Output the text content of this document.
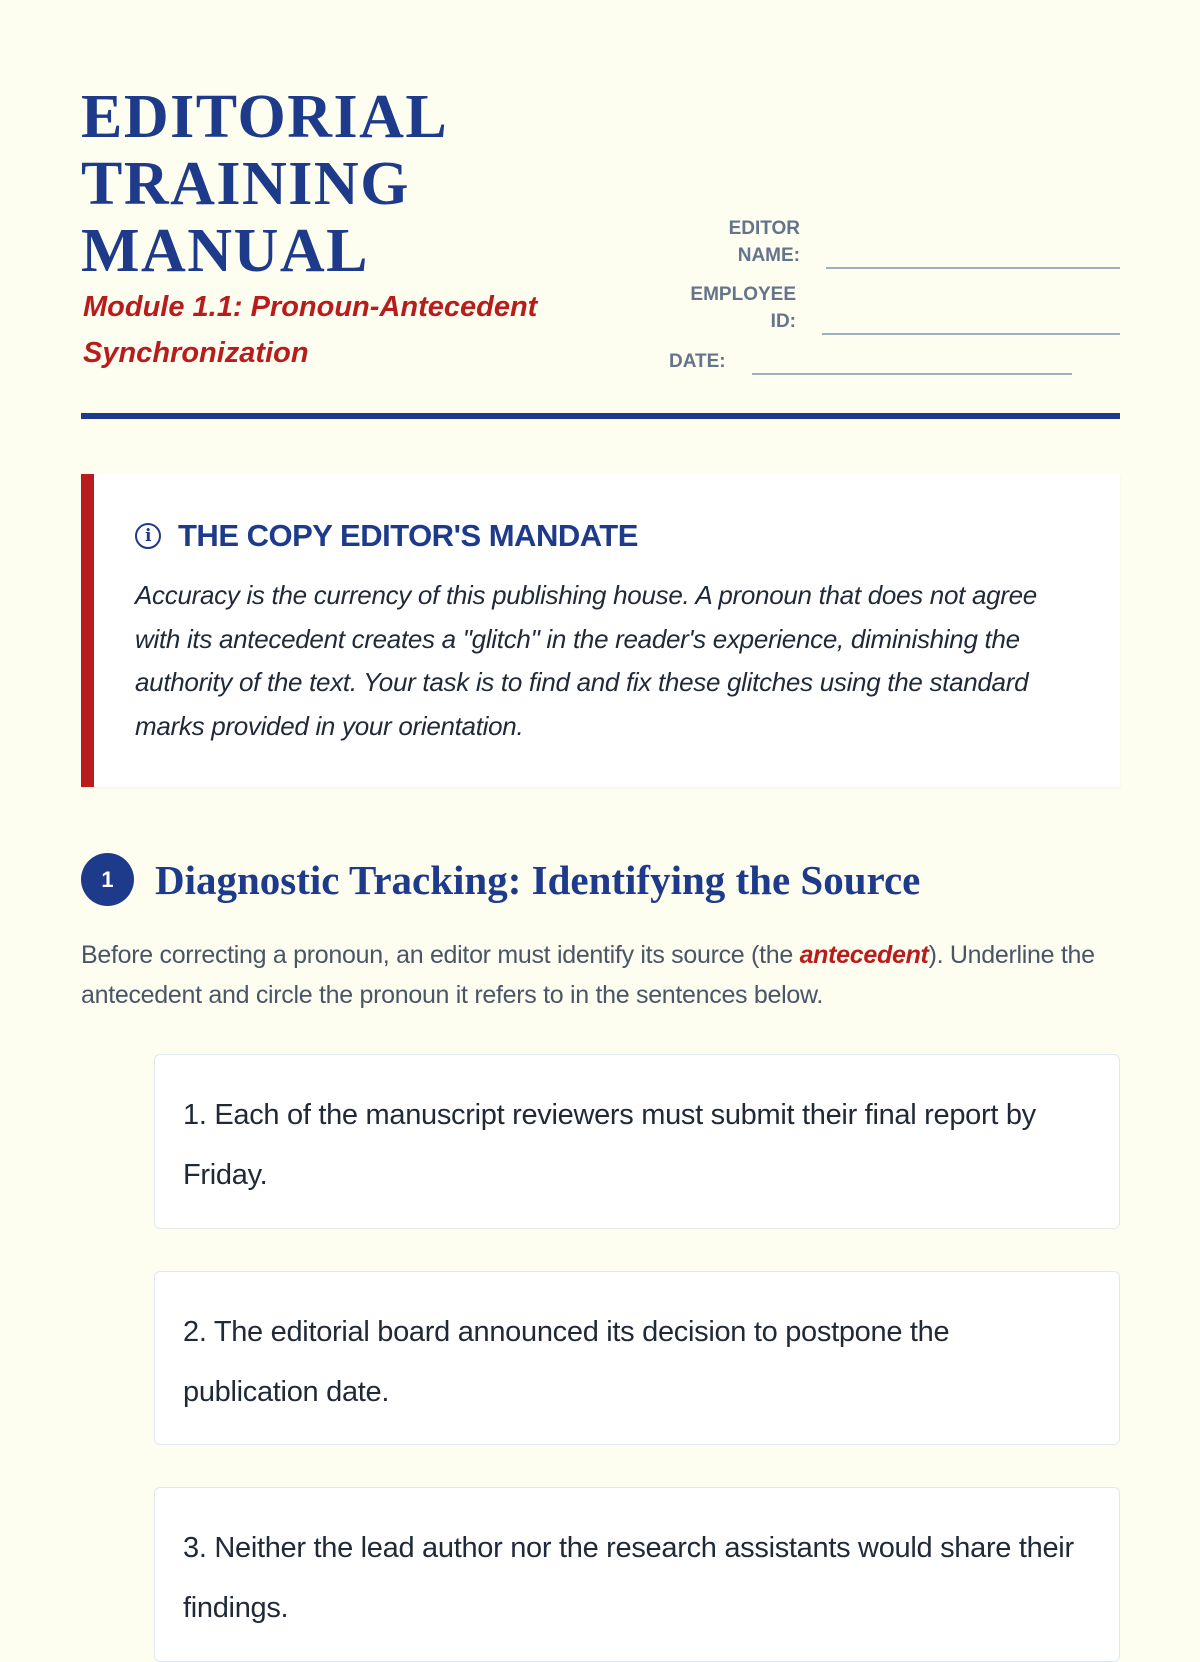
EDITORIAL
TRAINING
MANUAL

Module 1.1: Pronoun-Antecedent Synchronization

EDITOR NAME:
EMPLOYEE ID:
DATE:
i THE COPY EDITOR'S MANDATE

Accuracy is the currency of this publishing house. A pronoun that does not agree with its antecedent creates a "glitch" in the reader's experience, diminishing the authority of the text. Your task is to find and fix these glitches using the standard marks provided in your orientation.

1	Diagnostic Tracking: Identifying the Source

Before correcting a pronoun, an editor must identify its source (the antecedent). Underline the antecedent and circle the pronoun it refers to in the sentences below.

1. Each of the manuscript reviewers must submit their final report by Friday.

2. The editorial board announced its decision to postpone the publication date.

3. Neither the lead author nor the research assistants would share their findings.
